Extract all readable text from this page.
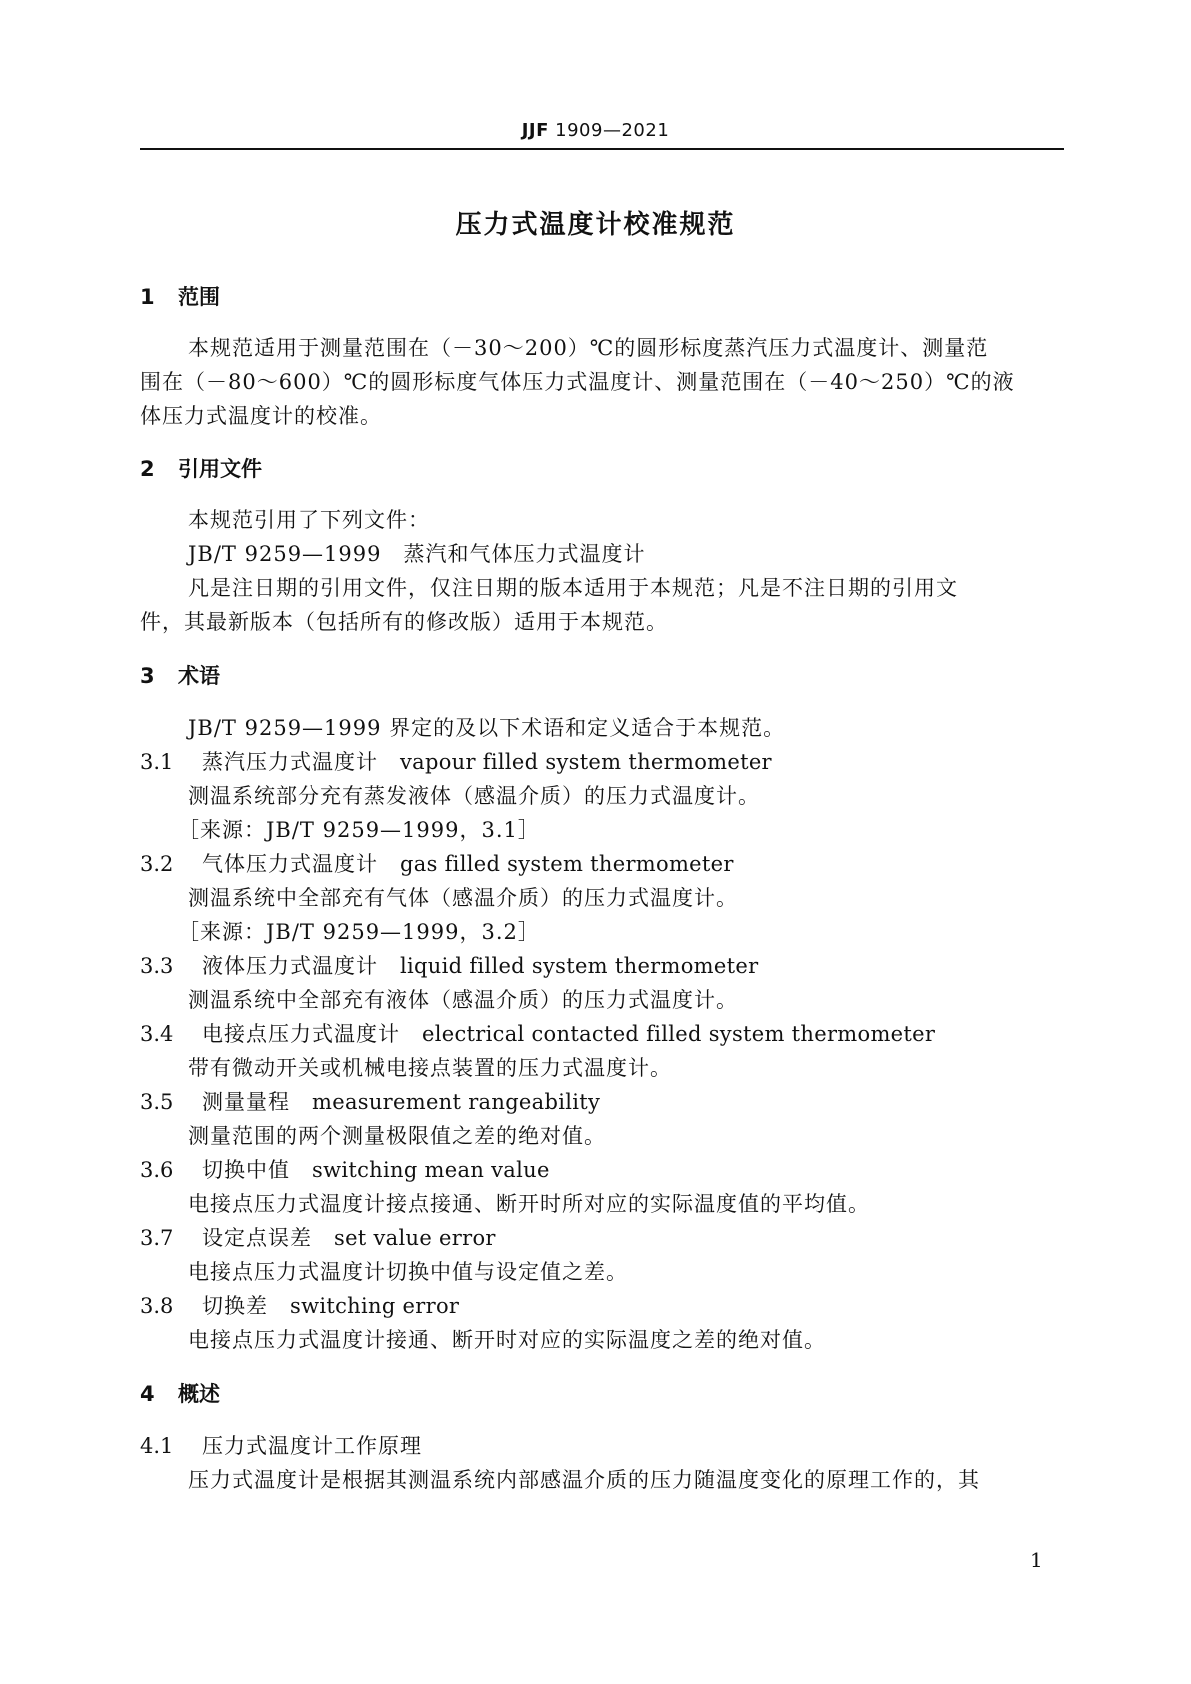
JJF 1909—2021
压力式温度计校准规范
1 范围
本规范适用于测量范围在（－30～200）℃的圆形标度蒸汽压力式温度计、测量范
围在（－80～600）℃的圆形标度气体压力式温度计、测量范围在（－40～250）℃的液
体压力式温度计的校准。
2 引用文件
本规范引用了下列文件：
JB/T 9259—1999　蒸汽和气体压力式温度计
凡是注日期的引用文件，仅注日期的版本适用于本规范；凡是不注日期的引用文
件，其最新版本（包括所有的修改版）适用于本规范。
3 术语
JB/T 9259—1999 界定的及以下术语和定义适合于本规范。
3.1 蒸汽压力式温度计　 vapour filled system thermometer
测温系统部分充有蒸发液体（感温介质）的压力式温度计。
［来源：JB/T 9259—1999，3.1］
3.2 气体压力式温度计　 gas filled system thermometer
测温系统中全部充有气体（感温介质）的压力式温度计。
［来源：JB/T 9259—1999，3.2］
3.3 液体压力式温度计　 liquid filled system thermometer
测温系统中全部充有液体（感温介质）的压力式温度计。
3.4 电接点压力式温度计　 electrical contacted filled system thermometer
带有微动开关或机械电接点装置的压力式温度计。
3.5 测量量程　 measurement rangeability
测量范围的两个测量极限值之差的绝对值。
3.6 切换中值　 switching mean value
电接点压力式温度计接点接通、断开时所对应的实际温度值的平均值。
3.7 设定点误差　 set value error
电接点压力式温度计切换中值与设定值之差。
3.8 切换差　 switching error
电接点压力式温度计接通、断开时对应的实际温度之差的绝对值。
4 概述
4.1 压力式温度计工作原理
压力式温度计是根据其测温系统内部感温介质的压力随温度变化的原理工作的，其
1
